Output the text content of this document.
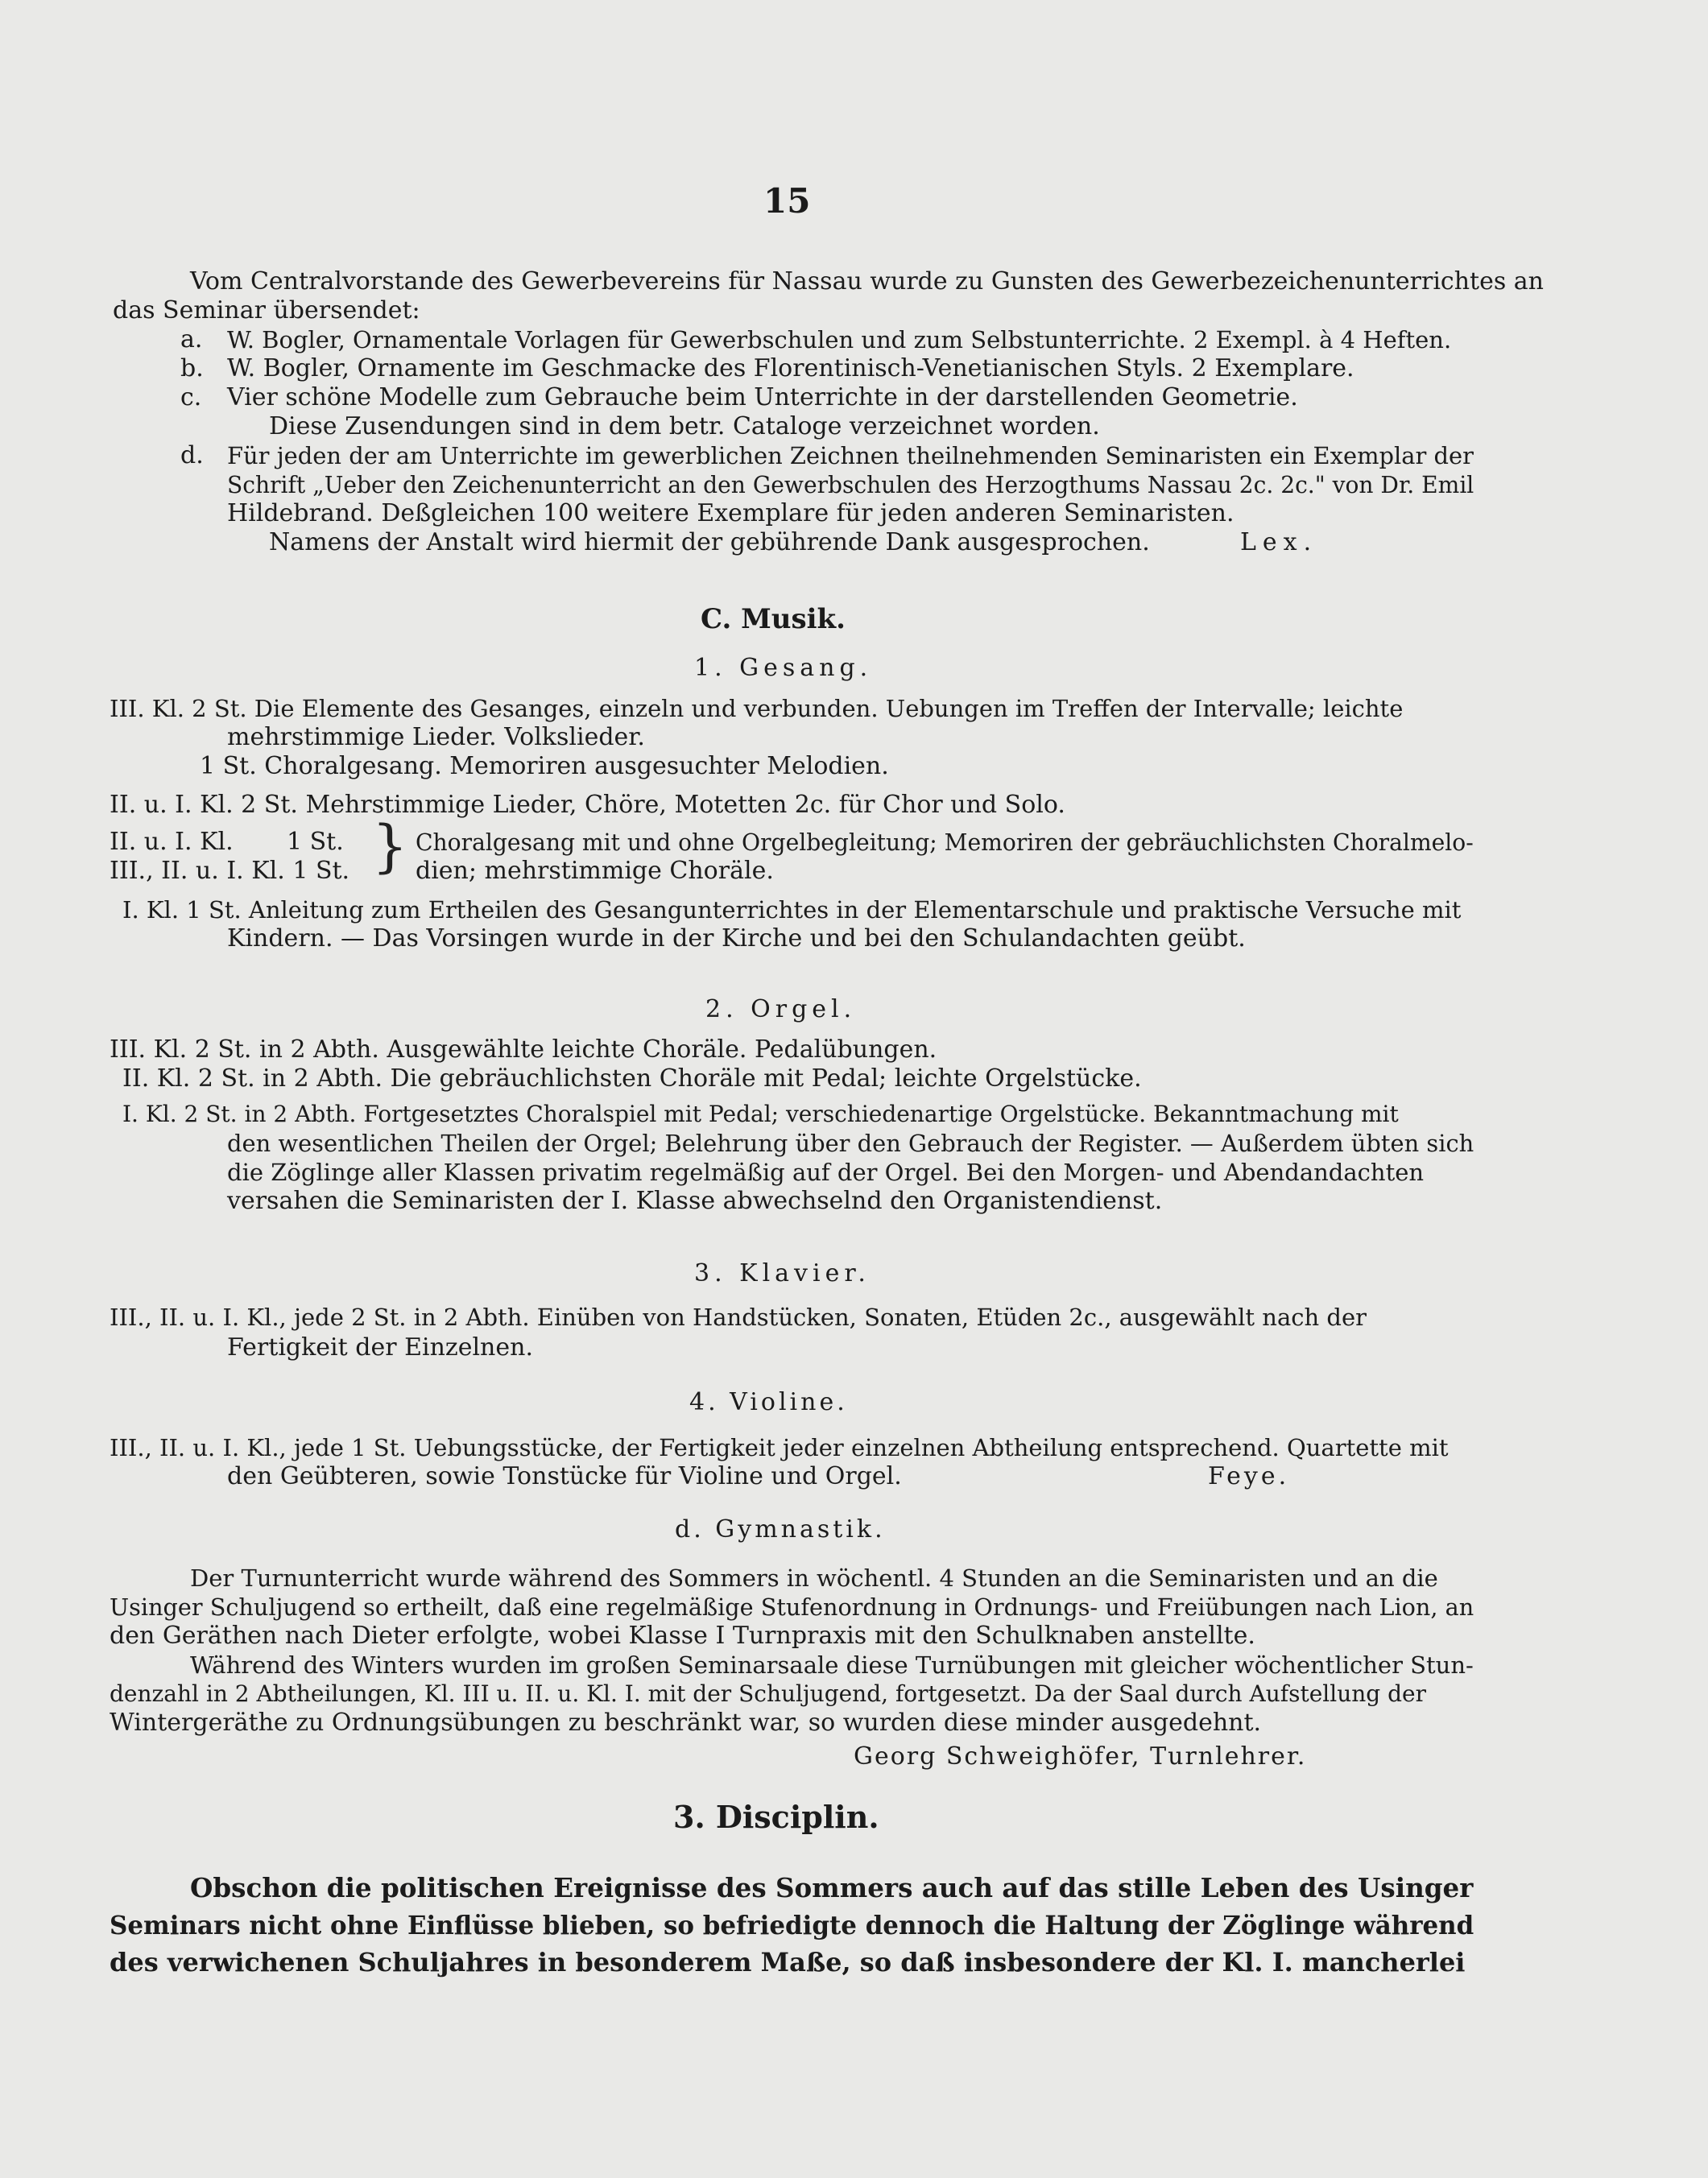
15
Vom Centralvorstande des Gewerbevereins für Nassau wurde zu Gunsten des Gewerbezeichenunterrichtes an
das Seminar übersendet:
a. W. Bogler, Ornamentale Vorlagen für Gewerbschulen und zum Selbstunterrichte. 2 Exempl. à 4 Heften.
b. W. Bogler, Ornamente im Geschmacke des Florentinisch-Venetianischen Styls. 2 Exemplare.
c. Vier schöne Modelle zum Gebrauche beim Unterrichte in der darstellenden Geometrie.
Diese Zusendungen sind in dem betr. Cataloge verzeichnet worden.
d. Für jeden der am Unterrichte im gewerblichen Zeichnen theilnehmenden Seminaristen ein Exemplar der
Schrift „Ueber den Zeichenunterricht an den Gewerbschulen des Herzogthums Nassau 2c. 2c." von Dr. Emil
Hildebrand. Deßgleichen 100 weitere Exemplare für jeden anderen Seminaristen.
Namens der Anstalt wird hiermit der gebührende Dank ausgesprochen.	Lex.
C. Musik.
1. Gesang.
III. Kl. 2 St. Die Elemente des Gesanges, einzeln und verbunden. Uebungen im Treffen der Intervalle; leichte
mehrstimmige Lieder. Volkslieder.
1 St. Choralgesang. Memoriren ausgesuchter Melodien.
II. u. I. Kl. 2 St. Mehrstimmige Lieder, Chöre, Motetten 2c. für Chor und Solo.
II. u. I. Kl. 1 St. } Choralgesang mit und ohne Orgelbegleitung; Memoriren der gebräuchlichsten Choralmelo-
III., II. u. I. Kl. 1 St.	dien; mehrstimmige Choräle.
I. Kl. 1 St. Anleitung zum Ertheilen des Gesangunterrichtes in der Elementarschule und praktische Versuche mit
Kindern. — Das Vorsingen wurde in der Kirche und bei den Schulandachten geübt.
2. Orgel.
III. Kl. 2 St. in 2 Abth. Ausgewählte leichte Choräle. Pedalübungen.
II. Kl. 2 St. in 2 Abth. Die gebräuchlichsten Choräle mit Pedal; leichte Orgelstücke.
I. Kl. 2 St. in 2 Abth. Fortgesetztes Choralspiel mit Pedal; verschiedenartige Orgelstücke. Bekanntmachung mit
den wesentlichen Theilen der Orgel; Belehrung über den Gebrauch der Register. — Außerdem übten sich
die Zöglinge aller Klassen privatim regelmäßig auf der Orgel. Bei den Morgen- und Abendandachten
versahen die Seminaristen der I. Klasse abwechselnd den Organistendienst.
3. Klavier.
III., II. u. I. Kl., jede 2 St. in 2 Abth. Einüben von Handstücken, Sonaten, Etüden 2c., ausgewählt nach der
Fertigkeit der Einzelnen.
4. Violine.
III., II. u. I. Kl., jede 1 St. Uebungsstücke, der Fertigkeit jeder einzelnen Abtheilung entsprechend. Quartette mit
den Geübteren, sowie Tonstücke für Violine und Orgel.	Feye.
d. Gymnastik.
Der Turnunterricht wurde während des Sommers in wöchentl. 4 Stunden an die Seminaristen und an die
Usinger Schuljugend so ertheilt, daß eine regelmäßige Stufenordnung in Ordnungs- und Freiübungen nach Lion, an
den Geräthen nach Dieter erfolgte, wobei Klasse I Turnpraxis mit den Schulknaben anstellte.
Während des Winters wurden im großen Seminarsaale diese Turnübungen mit gleicher wöchentlicher Stun-
denzahl in 2 Abtheilungen, Kl. III u. II. u. Kl. I. mit der Schuljugend, fortgesetzt. Da der Saal durch Aufstellung der
Wintergeräthe zu Ordnungsübungen zu beschränkt war, so wurden diese minder ausgedehnt.
Georg Schweighöfer, Turnlehrer.
3. Disciplin.
Obschon die politischen Ereignisse des Sommers auch auf das stille Leben des Usinger
Seminars nicht ohne Einflüsse blieben, so befriedigte dennoch die Haltung der Zöglinge während
des verwichenen Schuljahres in besonderem Maße, so daß insbesondere der Kl. I. mancherlei
